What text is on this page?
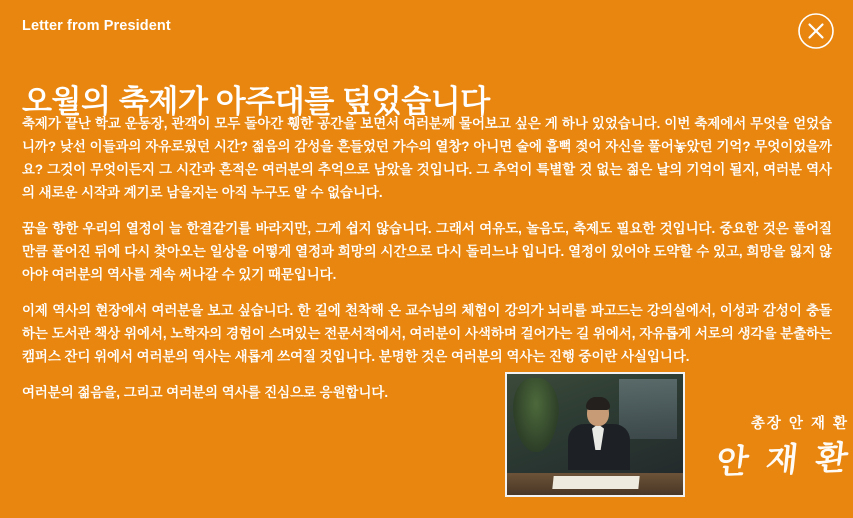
Letter from President
오월의 축제가 아주대를 덮었습니다

축제가 끝난 학교 운동장, 관객이 모두 돌아간 휑한 공간을 보면서 여러분께 물어보고 싶은 게 하나 있었습니다. 이번 축제에서 무엇을 얻었습니까? 낮선 이들과의 자유로웠던 시간? 젊음의 감성을 흔들었던 가수의 열창? 아니면 술에 흠뻑 젖어 자신을 풀어놓았던 기억? 무엇이었을까요? 그것이 무엇이든지 그 시간과 흔적은 여러분의 추억으로 남았을 것입니다. 그 추억이 특별할 것 없는 젊은 날의 기억이 될지, 여러분 역사의 새로운 시작과 계기로 남을지는 아직 누구도 알 수 없습니다.

꿈을 향한 우리의 열정이 늘 한결같기를 바라지만, 그게 쉽지 않습니다. 그래서 여유도, 놀음도, 축제도 필요한 것입니다. 중요한 것은 풀어질 만큼 풀어진 뒤에 다시 찾아오는 일상을 어떻게 열정과 희망의 시간으로 다시 돌리느냐 입니다. 열정이 있어야 도약할 수 있고, 희망을 잃지 않아야 여러분의 역사를 계속 써나갈 수 있기 때문입니다.

이제 역사의 현장에서 여러분을 보고 싶습니다. 한 길에 천착해 온 교수님의 체험이 강의가 뇌리를 파고드는 강의실에서, 이성과 감성이 충돌하는 도서관 책상 위에서, 노학자의 경험이 스며있는 전문서적에서, 여러분이 사색하며 걸어가는 길 위에서, 자유롭게 서로의 생각을 분출하는 캠퍼스 잔디 위에서 여러분의 역사는 새롭게 쓰여질 것입니다. 분명한 것은 여러분의 역사는 진행 중이란 사실입니다.

여러분의 젊음을, 그리고 여러분의 역사를 진심으로 응원합니다.

총장 안 재 환
안 재 환
